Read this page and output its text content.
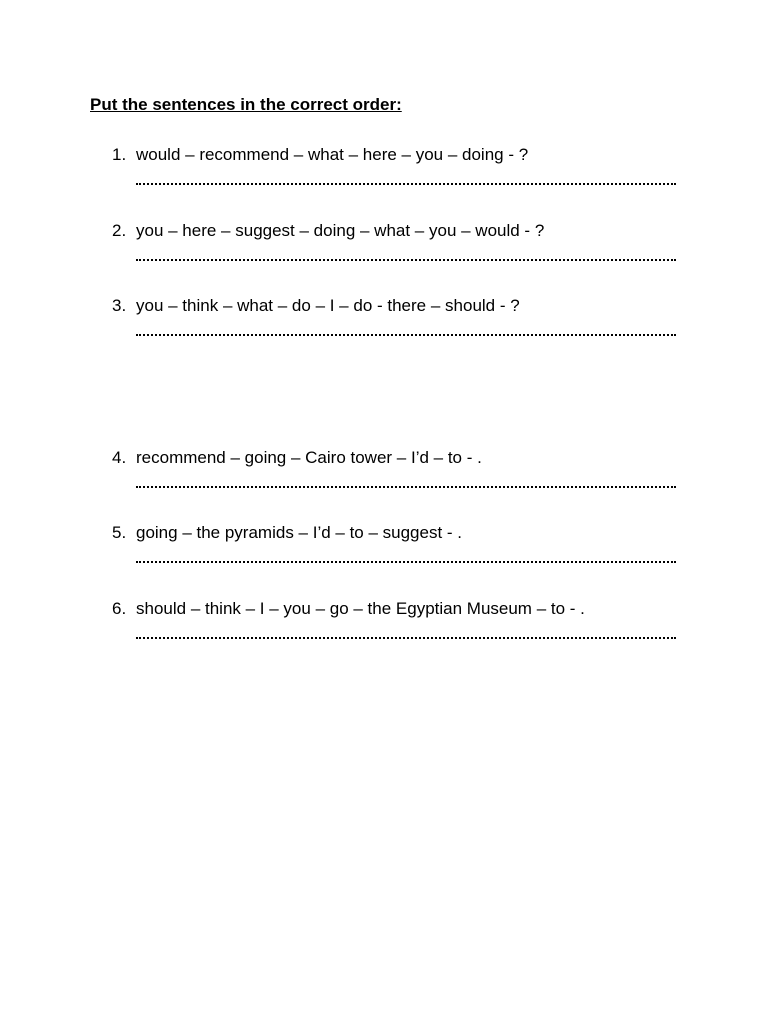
Put the sentences in the correct order:
1. would – recommend – what – here – you – doing - ?
2. you – here – suggest – doing – what – you – would - ?
3. you – think – what – do – I – do - there – should - ?
4. recommend – going – Cairo tower – I’d – to - .
5. going – the pyramids – I’d – to – suggest - .
6. should – think – I – you – go – the Egyptian Museum – to - .
